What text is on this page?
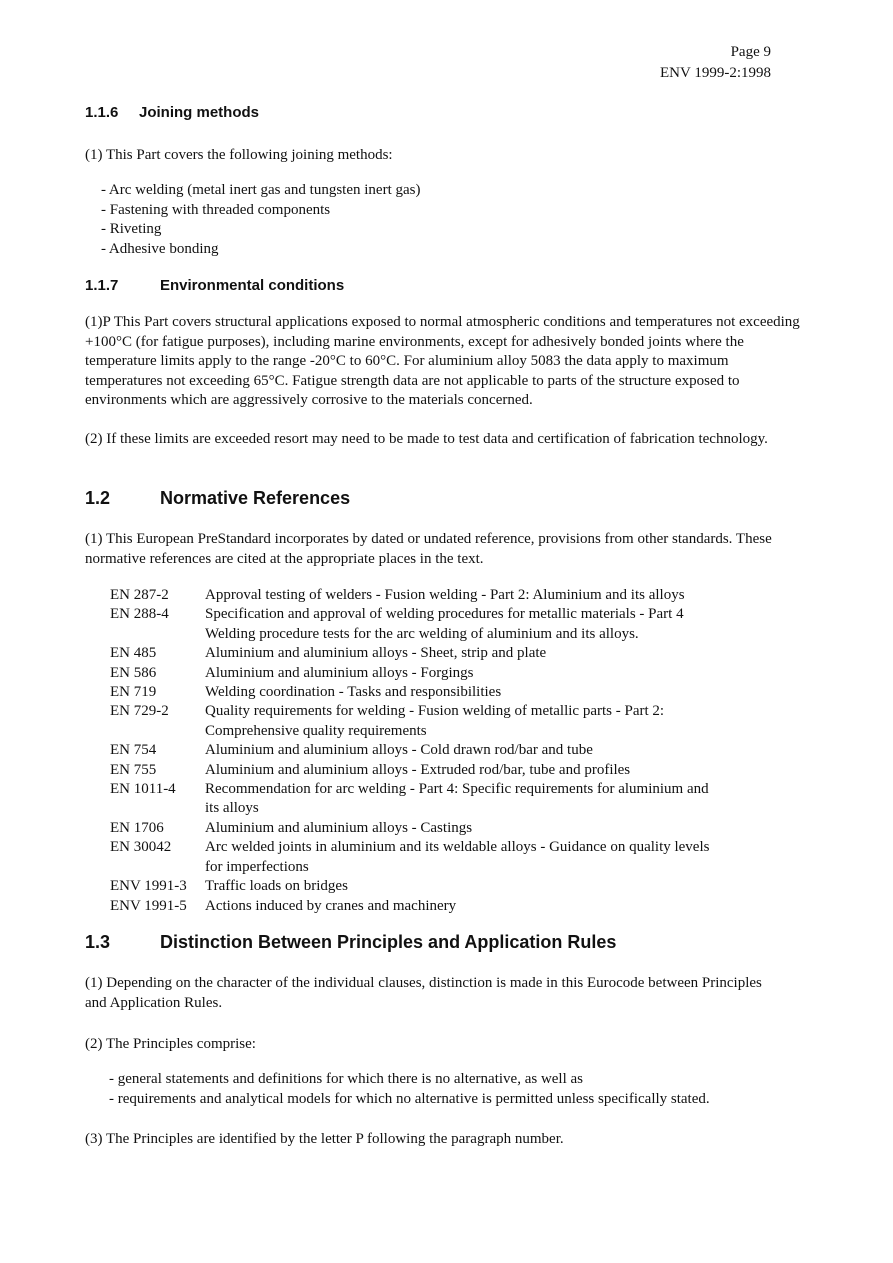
Page 9
ENV 1999-2:1998
1.1.6 Joining methods
(1) This Part covers the following joining methods:
- Arc welding (metal inert gas and tungsten inert gas)
- Fastening with threaded components
- Riveting
- Adhesive bonding
1.1.7	Environmental conditions
(1)P This Part covers structural applications exposed to normal atmospheric conditions and temperatures not exceeding +100°C (for fatigue purposes), including marine environments, except for adhesively bonded joints where the temperature limits apply to the range -20°C to 60°C. For aluminium alloy 5083 the data apply to maximum temperatures not exceeding 65°C. Fatigue strength data are not applicable to parts of the structure exposed to environments which are aggressively corrosive to the materials concerned.
(2) If these limits are exceeded resort may need to be made to test data and certification of fabrication technology.
1.2	Normative References
(1) This European PreStandard incorporates by dated or undated reference, provisions from other standards. These normative references are cited at the appropriate places in the text.
EN 287-2	Approval testing of welders - Fusion welding - Part 2: Aluminium and its alloys
EN 288-4	Specification and approval of welding procedures for metallic materials - Part 4 Welding procedure tests for the arc welding of aluminium and its alloys.
EN 485	Aluminium and aluminium alloys - Sheet, strip and plate
EN 586	Aluminium and aluminium alloys - Forgings
EN 719	Welding coordination - Tasks and responsibilities
EN 729-2	Quality requirements for welding - Fusion welding of metallic parts - Part 2: Comprehensive quality requirements
EN 754	Aluminium and aluminium alloys - Cold drawn rod/bar and tube
EN 755	Aluminium and aluminium alloys - Extruded rod/bar, tube and profiles
EN 1011-4	Recommendation for arc welding - Part 4: Specific requirements for aluminium and its alloys
EN 1706	Aluminium and aluminium alloys - Castings
EN 30042	Arc welded joints in aluminium and its weldable alloys - Guidance on quality levels for imperfections
ENV 1991-3	Traffic loads on bridges
ENV 1991-5	Actions induced by cranes and machinery
1.3	Distinction Between Principles and Application Rules
(1) Depending on the character of the individual clauses, distinction is made in this Eurocode between Principles and Application Rules.
(2) The Principles comprise:
- general statements and definitions for which there is no alternative, as well as
- requirements and analytical models for which no alternative is permitted unless specifically stated.
(3) The Principles are identified by the letter P following the paragraph number.
